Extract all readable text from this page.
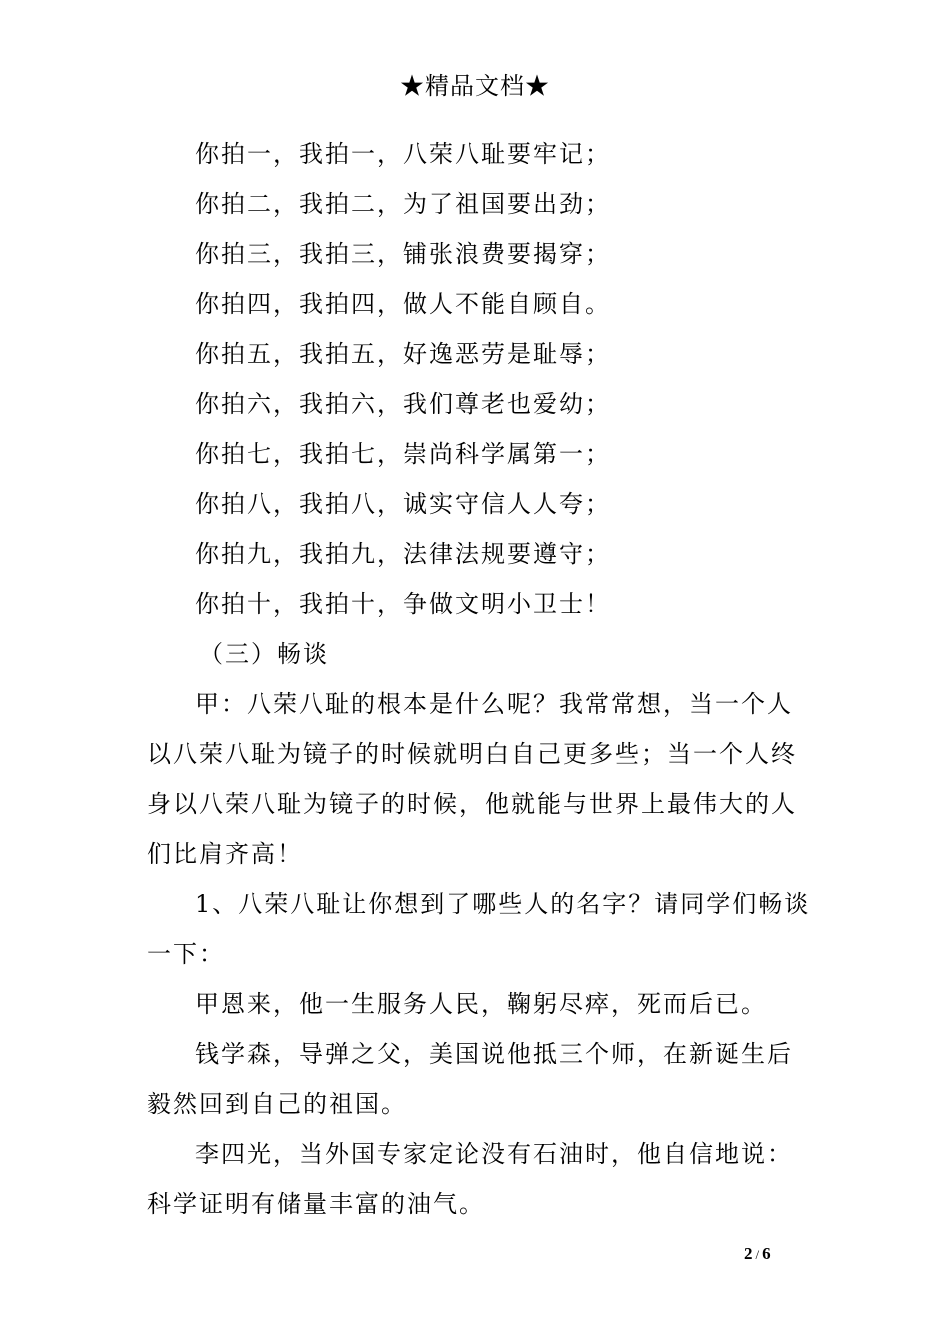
★精品文档★
你拍一，我拍一，八荣八耻要牢记；
你拍二，我拍二，为了祖国要出劲；
你拍三，我拍三，铺张浪费要揭穿；
你拍四，我拍四，做人不能自顾自。
你拍五，我拍五，好逸恶劳是耻辱；
你拍六，我拍六，我们尊老也爱幼；
你拍七，我拍七，崇尚科学属第一；
你拍八，我拍八，诚实守信人人夸；
你拍九，我拍九，法律法规要遵守；
你拍十，我拍十，争做文明小卫士！
（三）畅谈
甲：八荣八耻的根本是什么呢？我常常想，当一个人
以八荣八耻为镜子的时候就明白自己更多些；当一个人终
身以八荣八耻为镜子的时候，他就能与世界上最伟大的人
们比肩齐高！
1、八荣八耻让你想到了哪些人的名字？请同学们畅谈
一下：
甲恩来，他一生服务人民，鞠躬尽瘁，死而后已。
钱学森，导弹之父，美国说他抵三个师，在新诞生后
毅然回到自己的祖国。
李四光，当外国专家定论没有石油时，他自信地说：
科学证明有储量丰富的油气。
2 / 6
